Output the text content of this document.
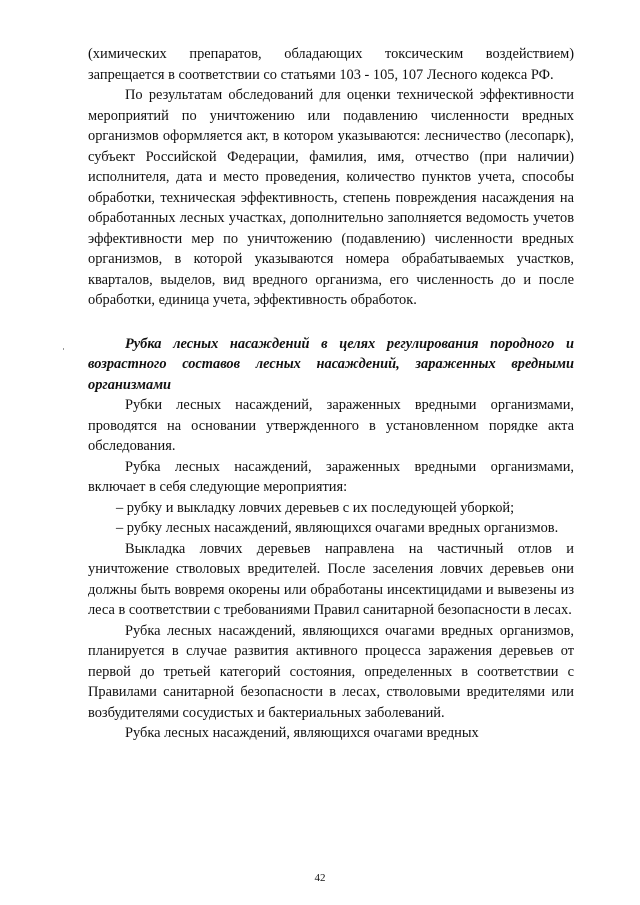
(химических препаратов, обладающих токсическим воздействием) запрещается в соответствии со статьями 103 - 105, 107 Лесного кодекса РФ.

По результатам обследований для оценки технической эффективности мероприятий по уничтожению или подавлению численности вредных организмов оформляется акт, в котором указываются: лесничество (лесопарк), субъект Российской Федерации, фамилия, имя, отчество (при наличии) исполнителя, дата и место проведения, количество пунктов учета, способы обработки, техническая эффективность, степень повреждения насаждения на обработанных лесных участках, дополнительно заполняется ведомость учетов эффективности мер по уничтожению (подавлению) численности вредных организмов, в которой указываются номера обрабатываемых участков, кварталов, выделов, вид вредного организма, его численность до и после обработки, единица учета, эффективность обработок.

Рубка лесных насаждений в целях регулирования породного и возрастного составов лесных насаждений, зараженных вредными организмами

Рубки лесных насаждений, зараженных вредными организмами, проводятся на основании утвержденного в установленном порядке акта обследования.

Рубка лесных насаждений, зараженных вредными организмами, включает в себя следующие мероприятия:

– рубку и выкладку ловчих деревьев с их последующей уборкой;

– рубку лесных насаждений, являющихся очагами вредных организмов.

Выкладка ловчих деревьев направлена на частичный отлов и уничтожение стволовых вредителей. После заселения ловчих деревьев они должны быть вовремя окорены или обработаны инсектицидами и вывезены из леса в соответствии с требованиями Правил санитарной безопасности в лесах.

Рубка лесных насаждений, являющихся очагами вредных организмов, планируется в случае развития активного процесса заражения деревьев от первой до третьей категорий состояния, определенных в соответствии с Правилами санитарной безопасности в лесах, стволовыми вредителями или возбудителями сосудистых и бактериальных заболеваний.

Рубка лесных насаждений, являющихся очагами вредных

42
